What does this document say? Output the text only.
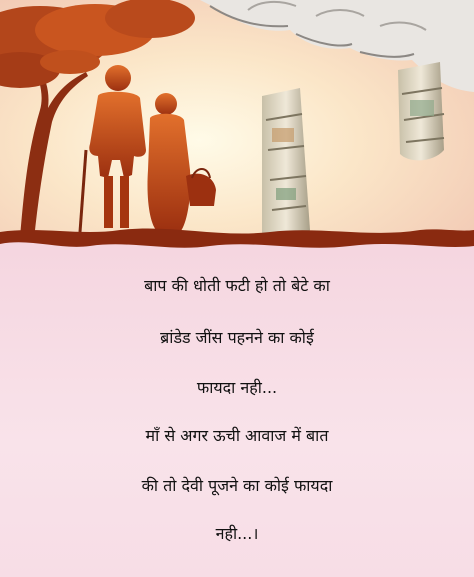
बाप की धोती फटी हो तो बेटे का
ब्रांडेड जींस पहनने का कोई
फायदा नही...
माँ से अगर ऊची आवाज में बात
की तो देवी पूजने का कोई फायदा
नही...।
